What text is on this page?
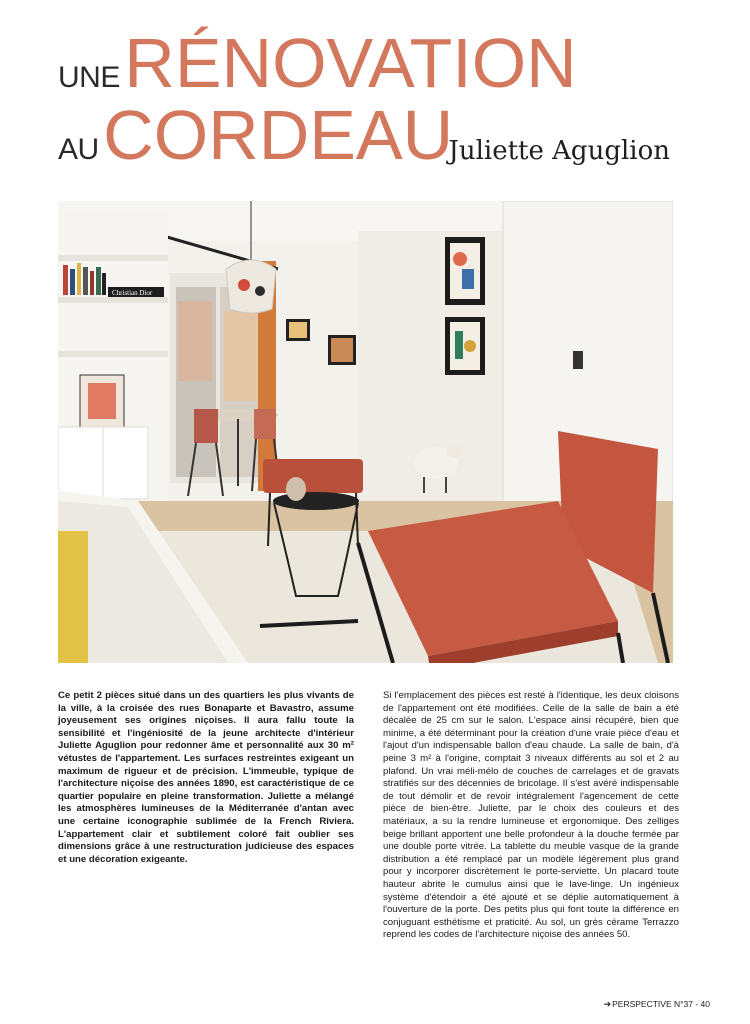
UNE RÉNOVATION
AU CORDEAU
Juliette Aguglion
Christian Dior

Ce petit 2 pièces situé dans un des quartiers les plus vivants de la ville, à la croisée des rues Bonaparte et Bavastro, assume joyeusement ses origines niçoises. Il aura fallu toute la sensibilité et l'ingéniosité de la jeune architecte d'intérieur Juliette Aguglion pour redonner âme et personnalité aux 30 m² vétustes de l'appartement. Les surfaces restreintes exigeant un maximum de rigueur et de précision. L'immeuble, typique de l'architecture niçoise des années 1890, est caractéristique de ce quartier populaire en pleine transformation. Juliette a mélangé les atmosphères lumineuses de la Méditerranée d'antan avec une certaine iconographie sublimée de la French Riviera. L'appartement clair et subtilement coloré fait oublier ses dimensions grâce à une restructuration judicieuse des espaces et une décoration exigeante.

Si l'emplacement des pièces est resté à l'identique, les deux cloisons de l'appartement ont été modifiées. Celle de la salle de bain a été décalée de 25 cm sur le salon. L'espace ainsi récupéré, bien que minime, a été déterminant pour la création d'une vraie pièce d'eau et l'ajout d'un indispensable ballon d'eau chaude. La salle de bain, d'à peine 3 m² à l'origine, comptait 3 niveaux différents au sol et 2 au plafond. Un vrai méli-mélo de couches de carrelages et de gravats stratifiés sur des décennies de bricolage. Il s'est avéré indispensable de tout démolir et de revoir intégralement l'agencement de cette pièce de bien-être. Juliette, par le choix des couleurs et des matériaux, a su la rendre lumineuse et ergonomique. Des zelliges beige brillant apportent une belle profondeur à la douche fermée par une double porte vitrée. La tablette du meuble vasque de la grande distribution a été remplacé par un modèle légèrement plus grand pour y incorporer discrètement le porte-serviette. Un placard toute hauteur abrite le cumulus ainsi que le lave-linge. Un ingénieux système d'étendoir a été ajouté et se déplie automatiquement à l'ouverture de la porte. Des petits plus qui font toute la différence en conjuguant esthétisme et praticité. Au sol, un grès cérame Terrazzo reprend les codes de l'architecture niçoise des années 50.

➔PERSPECTIVE N°37 - 40
